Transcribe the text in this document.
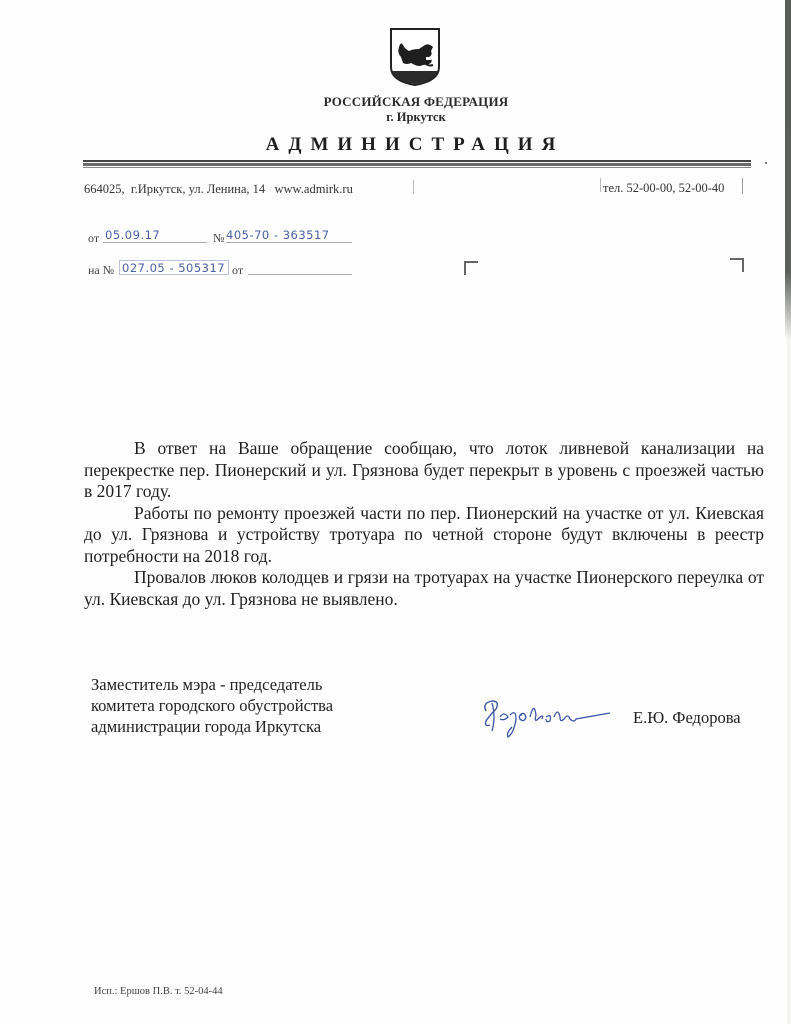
РОССИЙСКАЯ ФЕДЕРАЦИЯ
г. Иркутск
АДМИНИСТРАЦИЯ
664025,  г.Иркутск, ул. Ленина, 14   www.admirk.ru	тел. 52-00-00, 52-00-40
от 05.09.17	№ 405-70 - 363517
на № 027.05 - 505317 от

В ответ на Ваше обращение сообщаю, что лоток ливневой канализации на перекрестке пер. Пионерский и ул. Грязнова будет перекрыт в уровень с проезжей частью в 2017 году.

Работы по ремонту проезжей части по пер. Пионерский на участке от ул. Киевская до ул. Грязнова и устройству тротуара по четной стороне будут включены в реестр потребности на 2018 год.

Провалов люков колодцев и грязи на тротуарах на участке Пионерского переулка от ул. Киевская до ул. Грязнова не выявлено.

Заместитель мэра - председатель
комитета городского обустройства
администрации города Иркутска	Е.Ю. Федорова
Исп.: Ершов П.В. т. 52-04-44
